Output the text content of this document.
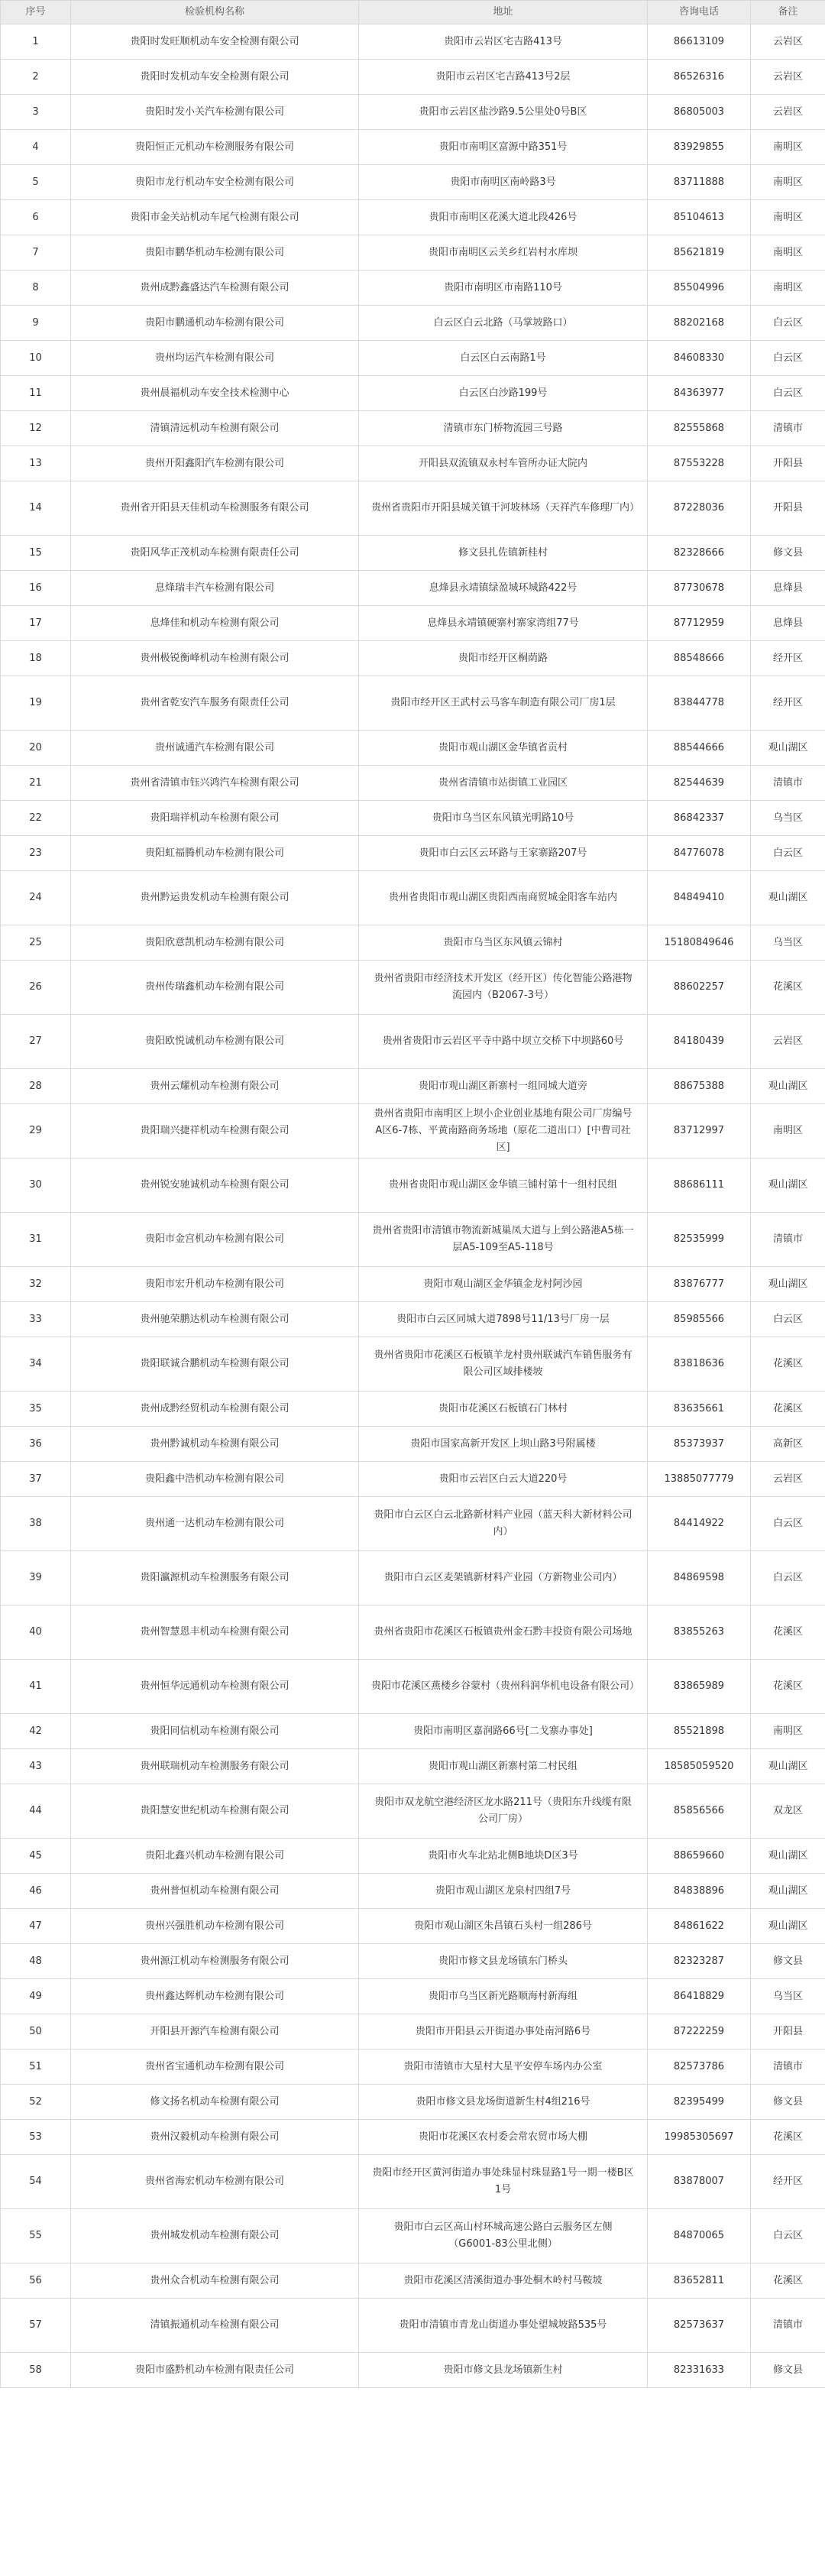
序号	检验机构名称	地址	咨询电话	备注
1	贵阳时发旺顺机动车安全检测有限公司	贵阳市云岩区宅吉路413号	86613109	云岩区
2	贵阳时发机动车安全检测有限公司	贵阳市云岩区宅吉路413号2层	86526316	云岩区
3	贵阳时发小关汽车检测有限公司	贵阳市云岩区盐沙路9.5公里处0号B区	86805003	云岩区
4	贵阳恒正元机动车检测服务有限公司	贵阳市南明区富源中路351号	83929855	南明区
5	贵阳市龙行机动车安全检测有限公司	贵阳市南明区南岭路3号	83711888	南明区
6	贵阳市金关站机动车尾气检测有限公司	贵阳市南明区花溪大道北段426号	85104613	南明区
7	贵阳市鹏华机动车检测有限公司	贵阳市南明区云关乡红岩村水库坝	85621819	南明区
8	贵州成黔鑫盛达汽车检测有限公司	贵阳市南明区市南路110号	85504996	南明区
9	贵阳市鹏通机动车检测有限公司	白云区白云北路（马掌坡路口）	88202168	白云区
10	贵州均运汽车检测有限公司	白云区白云南路1号	84608330	白云区
11	贵州晨福机动车安全技术检测中心	白云区白沙路199号	84363977	白云区
12	清镇清远机动车检测有限公司	清镇市东门桥物流园三号路	82555868	清镇市
13	贵州开阳鑫阳汽车检测有限公司	开阳县双流镇双永村车管所办证大院内	87553228	开阳县
14	贵州省开阳县天佳机动车检测服务有限公司	贵州省贵阳市开阳县城关镇干河坡林场（天祥汽车修理厂内）	87228036	开阳县
15	贵阳风华正茂机动车检测有限责任公司	修文县扎佐镇新桂村	82328666	修文县
16	息烽瑞丰汽车检测有限公司	息烽县永靖镇绿盈城环城路422号	87730678	息烽县
17	息烽佳和机动车检测有限公司	息烽县永靖镇硬寨村寨家湾组77号	87712959	息烽县
18	贵州极锐衡峰机动车检测有限公司	贵阳市经开区桐荫路	88548666	经开区
19	贵州省乾安汽车服务有限责任公司	贵阳市经开区王武村云马客车制造有限公司厂房1层	83844778	经开区
20	贵州诚通汽车检测有限公司	贵阳市观山湖区金华镇省贡村	88544666	观山湖区
21	贵州省清镇市钰兴鸿汽车检测有限公司	贵州省清镇市站街镇工业园区	82544639	清镇市
22	贵阳瑞祥机动车检测有限公司	贵阳市乌当区东风镇光明路10号	86842337	乌当区
23	贵阳虹福腾机动车检测有限公司	贵阳市白云区云环路与王家寨路207号	84776078	白云区
24	贵州黔运贵发机动车检测有限公司	贵州省贵阳市观山湖区贵阳西南商贸城金阳客车站内	84849410	观山湖区
25	贵阳欣意凯机动车检测有限公司	贵阳市乌当区东风镇云锦村	15180849646	乌当区
26	贵州传瑞鑫机动车检测有限公司	贵州省贵阳市经济技术开发区（经开区）传化智能公路港物流园内（B2067-3号）	88602257	花溪区
27	贵阳欧悦诚机动车检测有限公司	贵州省贵阳市云岩区平寺中路中坝立交桥下中坝路60号	84180439	云岩区
28	贵州云耀机动车检测有限公司	贵阳市观山湖区新寨村一组同城大道旁	88675388	观山湖区
29	贵阳瑞兴捷祥机动车检测有限公司	贵州省贵阳市南明区上坝小企业创业基地有限公司厂房编号A区6-7栋、平黄南路商务场地（原花二道出口）[中曹司社区]	83712997	南明区
30	贵州锐安驰诚机动车检测有限公司	贵州省贵阳市观山湖区金华镇三铺村第十一组村民组	88686111	观山湖区
31	贵阳市金宫机动车检测有限公司	贵州省贵阳市清镇市物流新城巢凤大道与上到公路港A5栋一层A5-109至A5-118号	82535999	清镇市
32	贵阳市宏升机动车检测有限公司	贵阳市观山湖区金华镇金龙村阿沙园	83876777	观山湖区
33	贵州驰荣鹏达机动车检测有限公司	贵阳市白云区同城大道7898号11/13号厂房一层	85985566	白云区
34	贵阳联诚合鹏机动车检测有限公司	贵州省贵阳市花溪区石板镇羊龙村贵州联诚汽车销售服务有限公司区域排楼坡	83818636	花溪区
35	贵州成黔经贸机动车检测有限公司	贵阳市花溪区石板镇石门林村	83635661	花溪区
36	贵州黔诚机动车检测有限公司	贵阳市国家高新开发区上坝山路3号附属楼	85373937	高新区
37	贵阳鑫中浩机动车检测有限公司	贵阳市云岩区白云大道220号	13885077779	云岩区
38	贵州通一达机动车检测有限公司	贵阳市白云区白云北路新材料产业园（蓝天科大新材料公司内）	84414922	白云区
39	贵阳瀛源机动车检测服务有限公司	贵阳市白云区麦架镇新材料产业园（方新物业公司内）	84869598	白云区
40	贵州智慧恩丰机动车检测有限公司	贵州省贵阳市花溪区石板镇贵州金石黔丰投资有限公司场地	83855263	花溪区
41	贵州恒华远通机动车检测有限公司	贵阳市花溪区燕楼乡谷蒙村（贵州科润华机电设备有限公司）	83865989	花溪区
42	贵阳同信机动车检测有限公司	贵阳市南明区嘉润路66号[二戈寨办事处]	85521898	南明区
43	贵州联瑞机动车检测服务有限公司	贵阳市观山湖区新寨村第二村民组	18585059520	观山湖区
44	贵阳慧安世纪机动车检测有限公司	贵阳市双龙航空港经济区龙水路211号（贵阳东升线缆有限公司厂房）	85856566	双龙区
45	贵阳北鑫兴机动车检测有限公司	贵阳市火车北站北侧B地块D区3号	88659660	观山湖区
46	贵州普恒机动车检测有限公司	贵阳市观山湖区龙泉村四组7号	84838896	观山湖区
47	贵州兴强胜机动车检测有限公司	贵阳市观山湖区朱昌镇石头村一组286号	84861622	观山湖区
48	贵州源江机动车检测服务有限公司	贵阳市修文县龙场镇东门桥头	82323287	修文县
49	贵州鑫达辉机动车检测有限公司	贵阳市乌当区新光路顺海村新海组	86418829	乌当区
50	开阳县开源汽车检测有限公司	贵阳市开阳县云开街道办事处南河路6号	87222259	开阳县
51	贵州省宝通机动车检测有限公司	贵阳市清镇市大星村大星平安停车场内办公室	82573786	清镇市
52	修文扬名机动车检测有限公司	贵阳市修文县龙场街道新生村4组216号	82395499	修文县
53	贵州汉毅机动车检测有限公司	贵阳市花溪区农村委会常农贸市场大棚	19985305697	花溪区
54	贵州省海宏机动车检测有限公司	贵阳市经开区黄河街道办事处珠显村珠显路1号一期一楼B区1号	83878007	经开区
55	贵州城发机动车检测有限公司	贵阳市白云区高山村环城高速公路白云服务区左侧（G6001-83公里北侧）	84870065	白云区
56	贵州众合机动车检测有限公司	贵阳市花溪区清溪街道办事处桐木岭村马鞍坡	83652811	花溪区
57	清镇振通机动车检测有限公司	贵阳市清镇市青龙山街道办事处望城坡路535号	82573637	清镇市
58	贵阳市盛黔机动车检测有限责任公司	贵阳市修文县龙场镇新生村	82331633	修文县
